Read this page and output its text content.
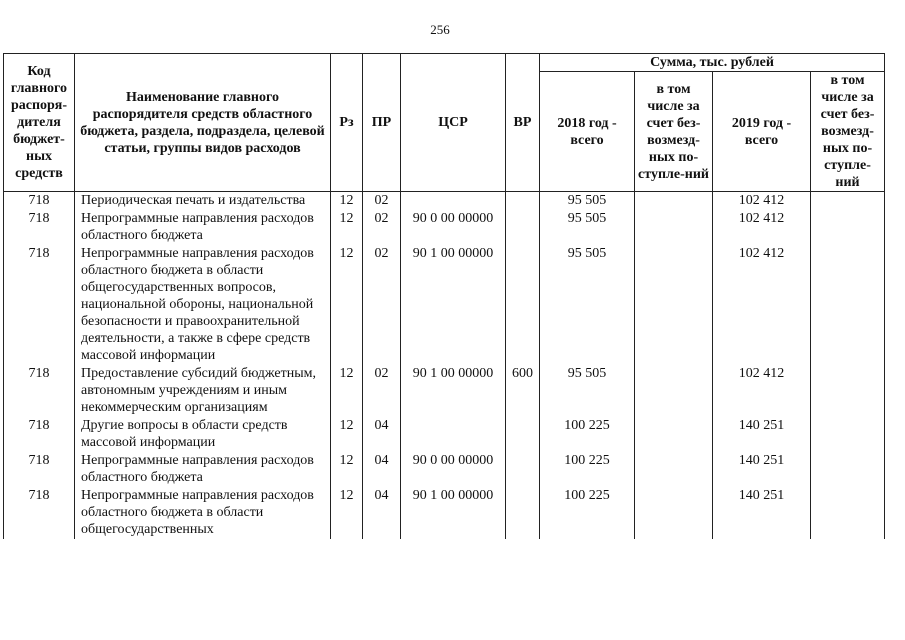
256
Код главного распоря-дителя бюджет-ных средств	Наименование главного распорядителя средств областного бюджета, раздела, подраздела, целевой статьи, группы видов расходов	Рз	ПР	ЦСР	ВР	Сумма, тыс. рублей			
						2018 год - всего	в том числе за счет без-возмезд-ных по-ступле-ний	2019 год - всего	в том числе за счет без-возмезд-ных по-ступле-ний
718	Периодическая печать и издательства	12	02			95 505		102 412	
718	Непрограммные направления расходов областного бюджета	12	02	90 0 00 00000		95 505		102 412	
718	Непрограммные направления расходов областного бюджета в области общегосударственных вопросов, национальной обороны, национальной безопасности и правоохранительной деятельности, а также в сфере средств массовой информации	12	02	90 1 00 00000		95 505		102 412	
718	Предоставление субсидий бюджетным, автономным учреждениям и иным некоммерческим организациям	12	02	90 1 00 00000	600	95 505		102 412	
718	Другие вопросы в области средств массовой информации	12	04			100 225		140 251	
718	Непрограммные направления расходов областного бюджета	12	04	90 0 00 00000		100 225		140 251	
718	Непрограммные направления расходов областного бюджета в области общегосударственных	12	04	90 1 00 00000		100 225		140 251	
